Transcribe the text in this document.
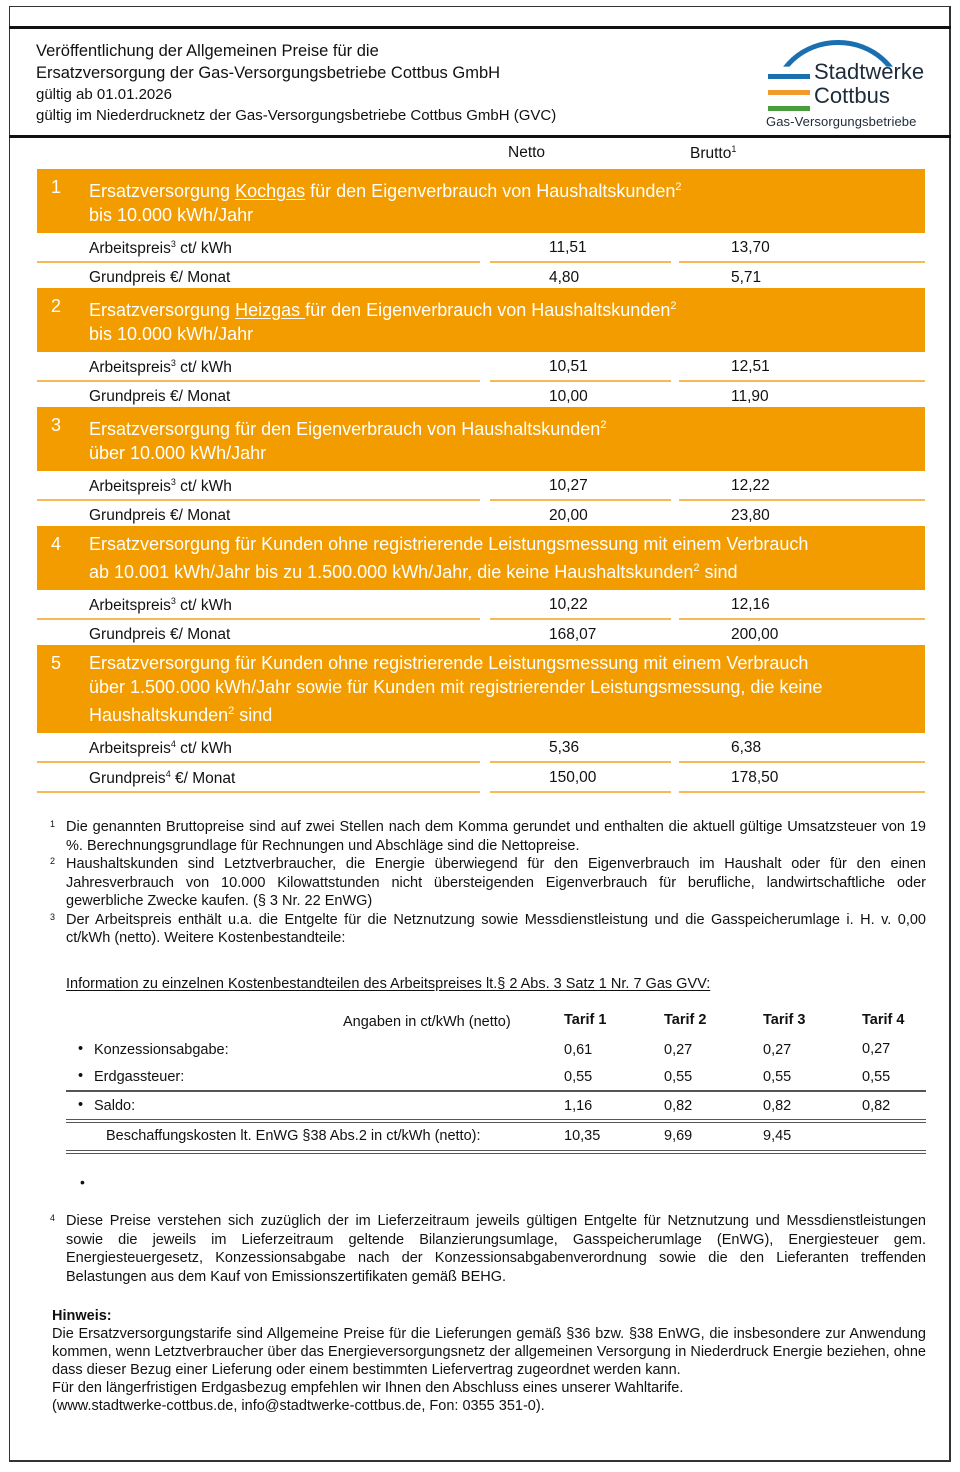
Veröffentlichung der Allgemeinen Preise für die
Ersatzversorgung der Gas-Versorgungsbetriebe Cottbus GmbH
gültig ab 01.01.2026
gültig im Niederdrucknetz der Gas-Versorgungsbetriebe Cottbus GmbH (GVC)
Stadtwerke
Cottbus
Gas-Versorgungsbetriebe
Netto	Brutto$^1$
1 Ersatzversorgung Kochgas für den Eigenverbrauch von Haushaltskunden$^2$
bis 10.000 kWh/Jahr
Arbeitspreis$^3$ ct/ kWh	11,51	13,70
Grundpreis €/ Monat	4,80	5,71
2 Ersatzversorgung Heizgas für den Eigenverbrauch von Haushaltskunden$^2$
bis 10.000 kWh/Jahr
Arbeitspreis$^3$ ct/ kWh	10,51	12,51
Grundpreis €/ Monat	10,00	11,90
3 Ersatzversorgung für den Eigenverbrauch von Haushaltskunden$^2$
über 10.000 kWh/Jahr
Arbeitspreis$^3$ ct/ kWh	10,27	12,22
Grundpreis €/ Monat	20,00	23,80
4 Ersatzversorgung für Kunden ohne registrierende Leistungsmessung mit einem Verbrauch
ab 10.001 kWh/Jahr bis zu 1.500.000 kWh/Jahr, die keine Haushaltskunden$^2$ sind
Arbeitspreis$^3$ ct/ kWh	10,22	12,16
Grundpreis €/ Monat	168,07	200,00
5 Ersatzversorgung für Kunden ohne registrierende Leistungsmessung mit einem Verbrauch
über 1.500.000 kWh/Jahr sowie für Kunden mit registrierender Leistungsmessung, die keine
Haushaltskunden$^2$ sind
Arbeitspreis$^4$ ct/ kWh	5,36	6,38
Grundpreis$^4$ €/ Monat	150,00	178,50
1 Die genannten Bruttopreise sind auf zwei Stellen nach dem Komma gerundet und enthalten die aktuell gültige Umsatzsteuer von 19 %. Berechnungsgrundlage für Rechnungen und Abschläge sind die Nettopreise.
2 Haushaltskunden sind Letztverbraucher, die Energie überwiegend für den Eigenverbrauch im Haushalt oder für den einen Jahresverbrauch von 10.000 Kilowattstunden nicht übersteigenden Eigenverbrauch für berufliche, landwirtschaftliche oder gewerbliche Zwecke kaufen. (§ 3 Nr. 22 EnWG)
3 Der Arbeitspreis enthält u.a. die Entgelte für die Netznutzung sowie Messdienstleistung und die Gasspeicherumlage i. H. v. 0,00 ct/kWh (netto). Weitere Kostenbestandteile:
Information zu einzelnen Kostenbestandteilen des Arbeitspreises lt.§ 2 Abs. 3 Satz 1 Nr. 7 Gas GVV:
Angaben in ct/kWh (netto)	Tarif 1	Tarif 2	Tarif 3	Tarif 4
• Konzessionsabgabe:	0,61	0,27	0,27	0,27
• Erdgassteuer:	0,55	0,55	0,55	0,55
• Saldo:	1,16	0,82	0,82	0,82
Beschaffungskosten lt. EnWG §38 Abs.2 in ct/kWh (netto):	10,35	9,69	9,45
•
4 Diese Preise verstehen sich zuzüglich der im Lieferzeitraum jeweils gültigen Entgelte für Netznutzung und Messdienstleistungen sowie die jeweils im Lieferzeitraum geltende Bilanzierungsumlage, Gasspeicherumlage (EnWG), Energiesteuer gem. Energiesteuergesetz, Konzessionsabgabe nach der Konzessionsabgabenverordnung sowie die den Lieferanten treffenden Belastungen aus dem Kauf von Emissionszertifikaten gemäß BEHG.
Hinweis:
Die Ersatzversorgungstarife sind Allgemeine Preise für die Lieferungen gemäß §36 bzw. §38 EnWG, die insbesondere zur Anwendung kommen, wenn Letztverbraucher über das Energieversorgungsnetz der allgemeinen Versorgung in Niederdruck Energie beziehen, ohne dass dieser Bezug einer Lieferung oder einem bestimmten Liefervertrag zugeordnet werden kann.
Für den längerfristigen Erdgasbezug empfehlen wir Ihnen den Abschluss eines unserer Wahltarife.
(www.stadtwerke-cottbus.de, info@stadtwerke-cottbus.de, Fon: 0355 351-0).
